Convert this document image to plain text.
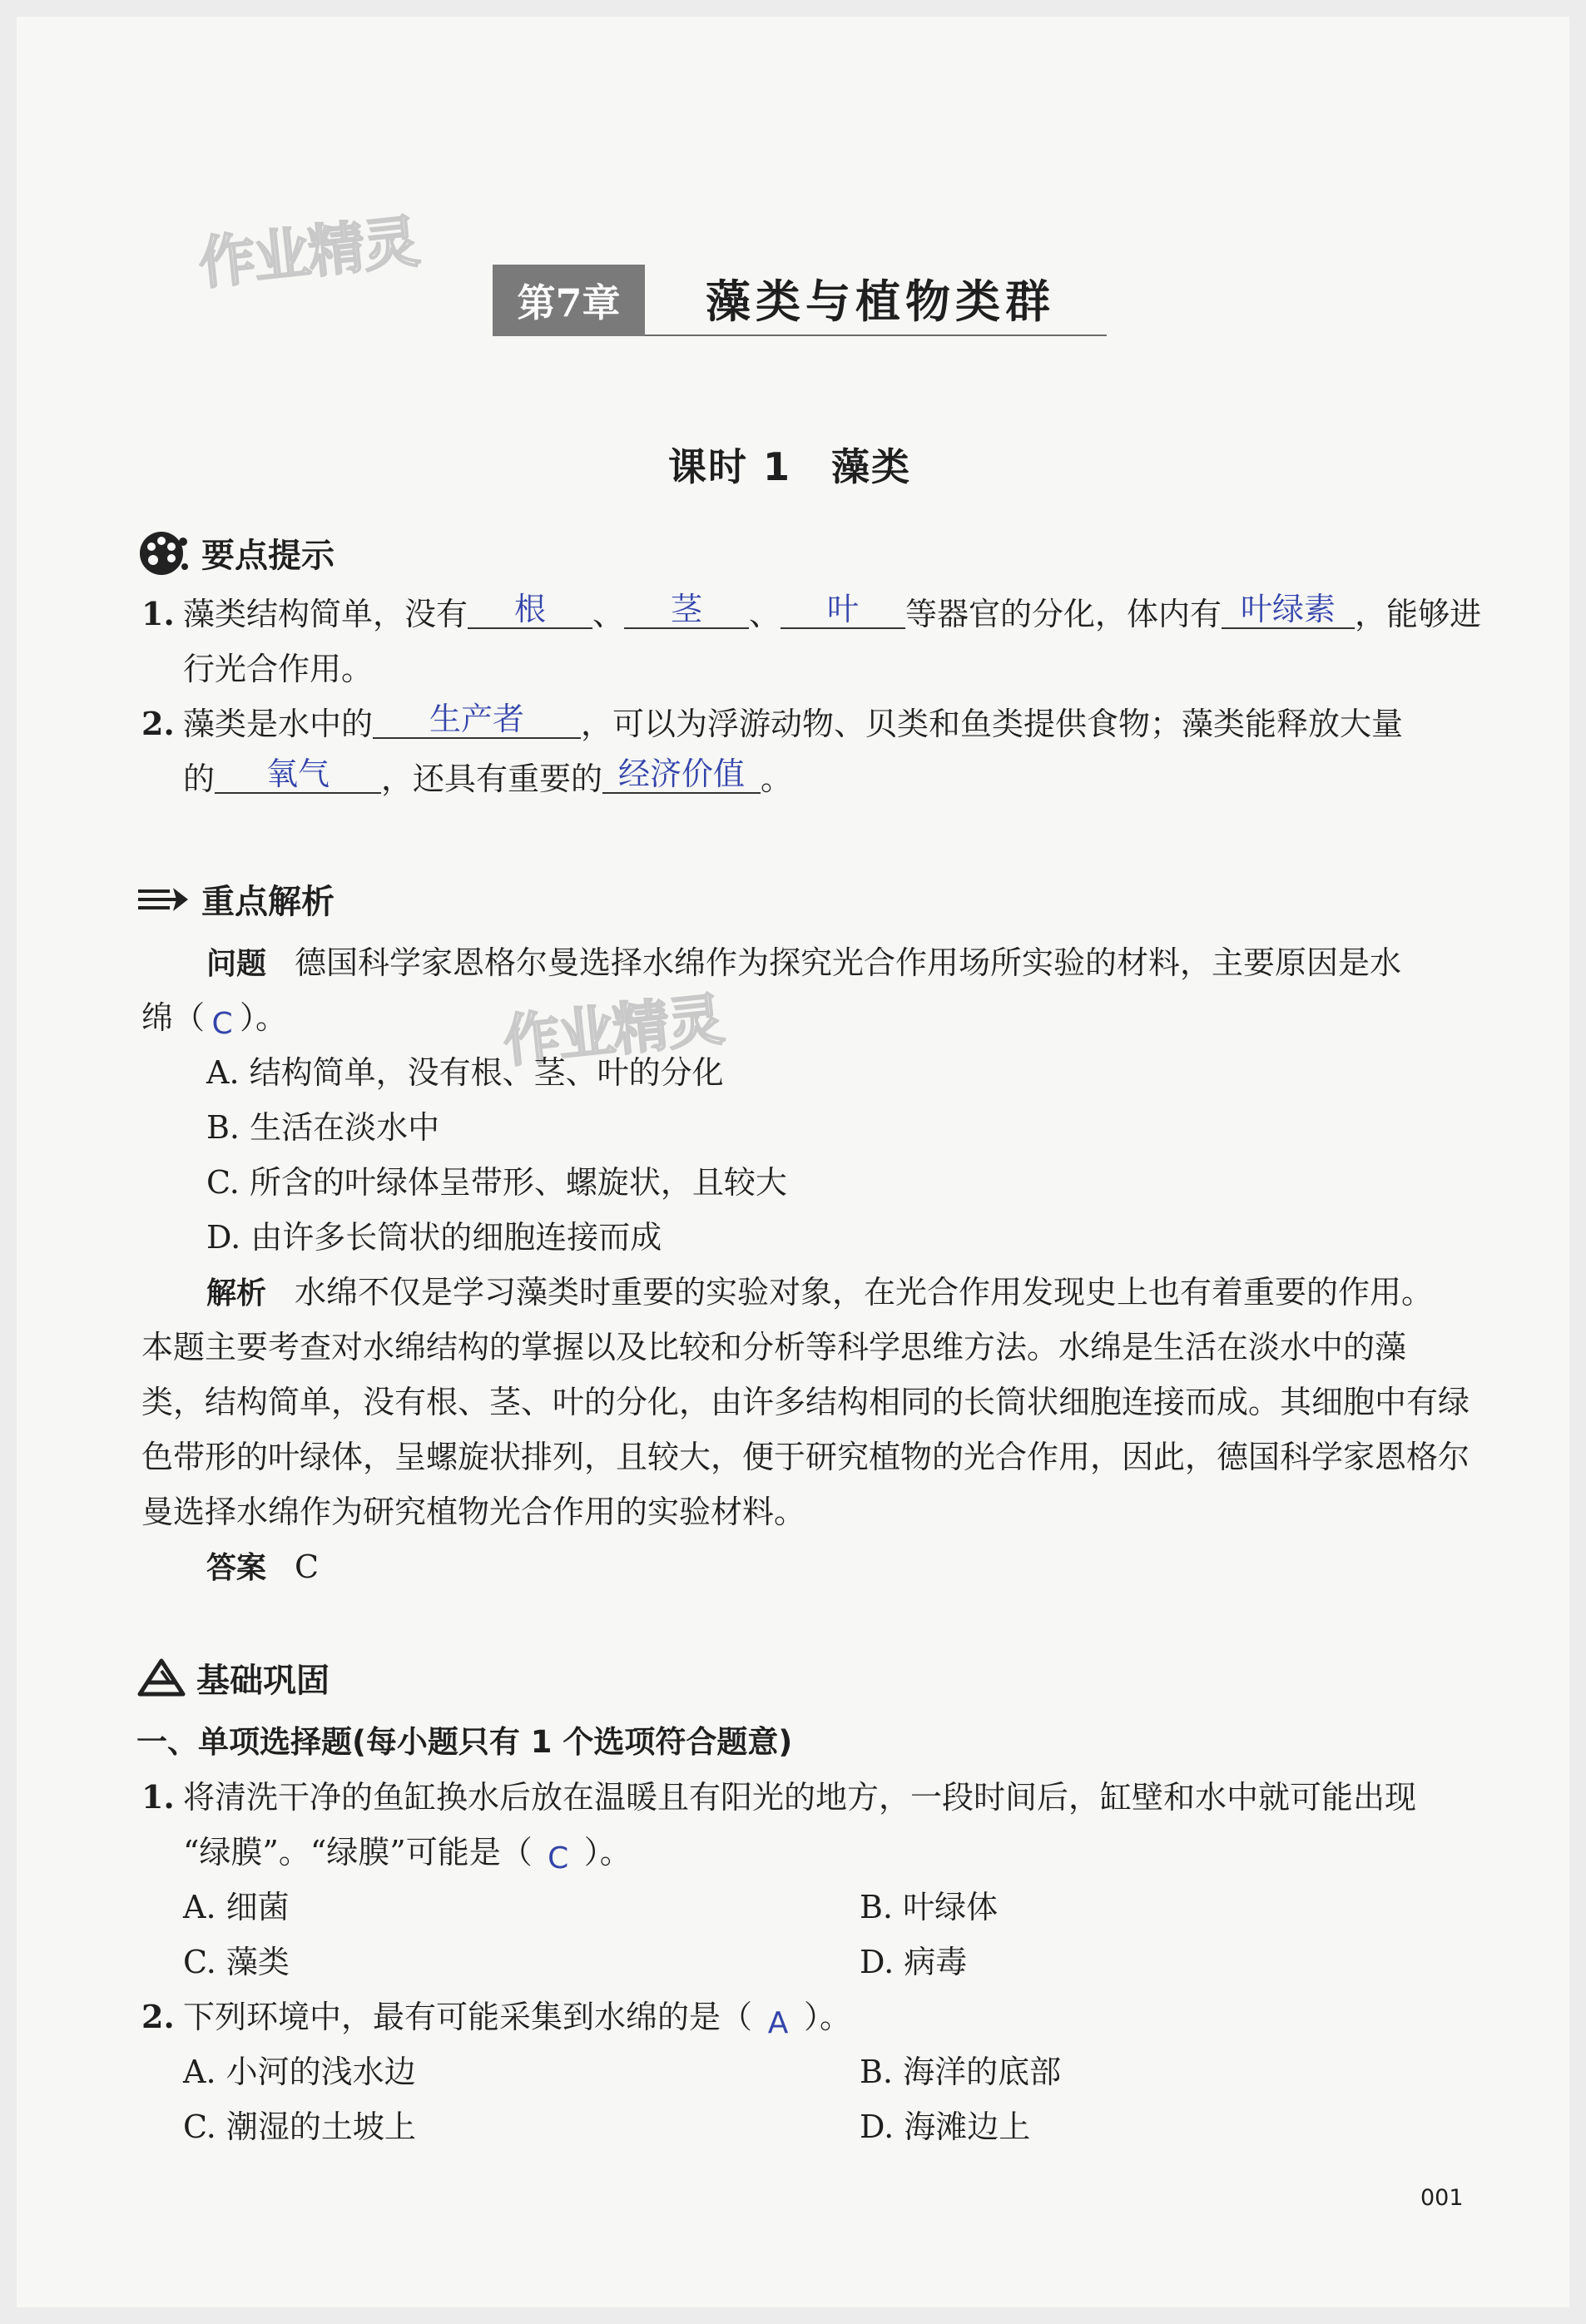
作业精灵
作业精灵
第7章	藻类与植物类群
课时 1　藻类
要点提示
1. 藻类结构简单，没有 根 、 茎 、 叶 等器官的分化，体内有 叶绿素 ，能够进
行光合作用。
2. 藻类是水中的 生产者 ，可以为浮游动物、贝类和鱼类提供食物；藻类能释放大量
的 氧气 ，还具有重要的 经济价值 。
重点解析
问题 德国科学家恩格尔曼选择水绵作为探究光合作用场所实验的材料，主要原因是水
绵（ C ）。
A. 结构简单，没有根、茎、叶的分化
B. 生活在淡水中
C. 所含的叶绿体呈带形、螺旋状，且较大
D. 由许多长筒状的细胞连接而成
解析 水绵不仅是学习藻类时重要的实验对象，在光合作用发现史上也有着重要的作用。
本题主要考查对水绵结构的掌握以及比较和分析等科学思维方法。水绵是生活在淡水中的藻
类，结构简单，没有根、茎、叶的分化，由许多结构相同的长筒状细胞连接而成。其细胞中有绿
色带形的叶绿体，呈螺旋状排列，且较大，便于研究植物的光合作用，因此，德国科学家恩格尔
曼选择水绵作为研究植物光合作用的实验材料。
答案 C
基础巩固
一、单项选择题(每小题只有 1 个选项符合题意)
1. 将清洗干净的鱼缸换水后放在温暖且有阳光的地方，一段时间后，缸壁和水中就可能出现
“绿膜”。“绿膜”可能是（ C ）。
A. 细菌	B. 叶绿体
C. 藻类	D. 病毒
2. 下列环境中，最有可能采集到水绵的是（ A ）。
A. 小河的浅水边	B. 海洋的底部
C. 潮湿的土坡上	D. 海滩边上
001
